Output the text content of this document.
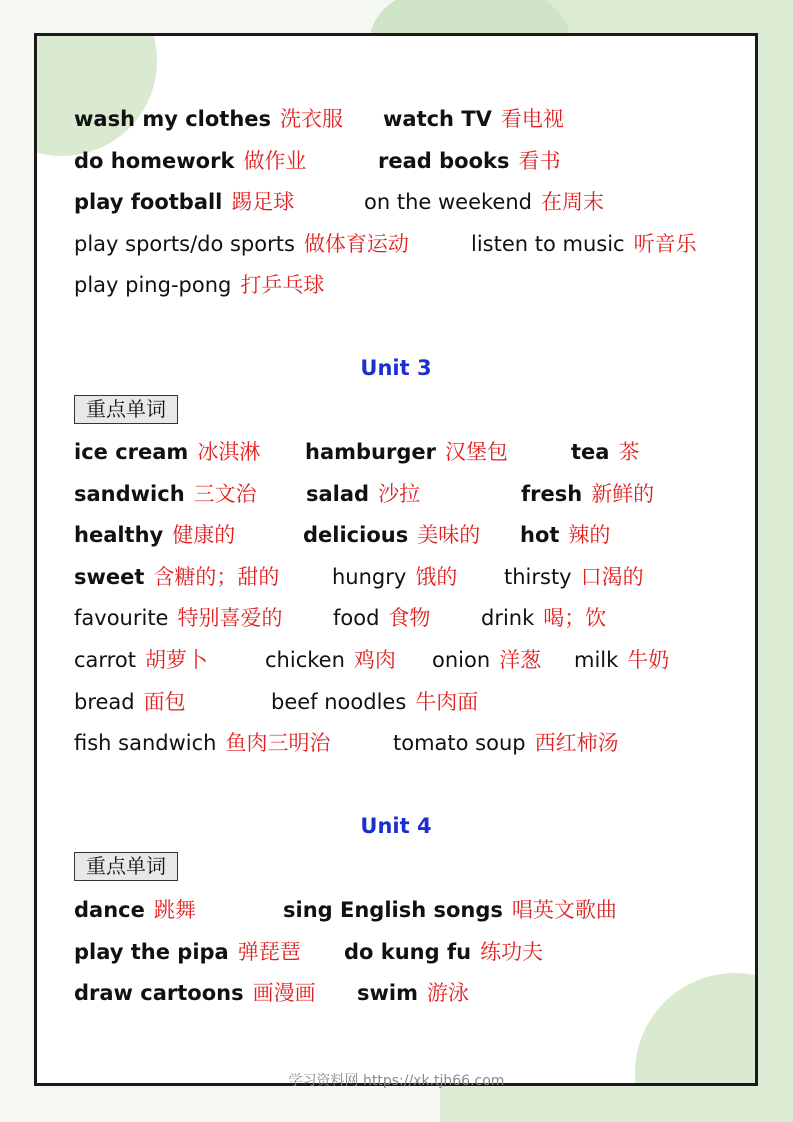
wash my clothes 洗衣服 watch TV 看电视
do homework 做作业	read books 看书
play football 踢足球	on the weekend 在周末
play sports/do sports 做体育运动	listen to music 听音乐
play ping-pong 打乒乓球
Unit 3
重点单词
ice cream 冰淇淋 hamburger 汉堡包	tea 茶
sandwich 三文治 salad 沙拉	fresh 新鲜的
healthy 健康的	delicious 美味的 hot 辣的
sweet 含糖的；甜的	hungry 饿的 thirsty 口渴的
favourite 特别喜爱的 food 食物 drink 喝；饮
carrot 胡萝卜	chicken 鸡肉 onion 洋葱 milk 牛奶
bread 面包	beef noodles 牛肉面
fish sandwich 鱼肉三明治	tomato soup 西红柿汤
Unit 4
重点单词
dance 跳舞	sing English songs 唱英文歌曲
play the pipa 弹琵琶 do kung fu 练功夫
draw cartoons 画漫画 swim 游泳
学习资料网 https://xk.tjh66.com
